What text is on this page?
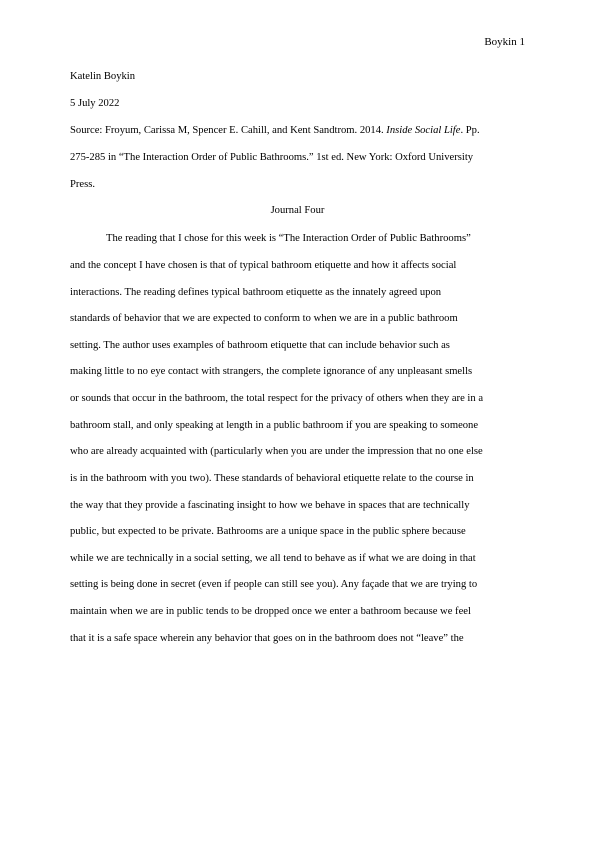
Boykin 1
Katelin Boykin
5 July 2022
Source: Froyum, Carissa M, Spencer E. Cahill, and Kent Sandtrom. 2014. Inside Social Life. Pp.
275-285 in “The Interaction Order of Public Bathrooms.” 1st ed. New York: Oxford University
Press.
Journal Four
The reading that I chose for this week is “The Interaction Order of Public Bathrooms”
and the concept I have chosen is that of typical bathroom etiquette and how it affects social
interactions. The reading defines typical bathroom etiquette as the innately agreed upon
standards of behavior that we are expected to conform to when we are in a public bathroom
setting. The author uses examples of bathroom etiquette that can include behavior such as
making little to no eye contact with strangers, the complete ignorance of any unpleasant smells
or sounds that occur in the bathroom, the total respect for the privacy of others when they are in a
bathroom stall, and only speaking at length in a public bathroom if you are speaking to someone
who are already acquainted with (particularly when you are under the impression that no one else
is in the bathroom with you two). These standards of behavioral etiquette relate to the course in
the way that they provide a fascinating insight to how we behave in spaces that are technically
public, but expected to be private. Bathrooms are a unique space in the public sphere because
while we are technically in a social setting, we all tend to behave as if what we are doing in that
setting is being done in secret (even if people can still see you). Any façade that we are trying to
maintain when we are in public tends to be dropped once we enter a bathroom because we feel
that it is a safe space wherein any behavior that goes on in the bathroom does not “leave” the
